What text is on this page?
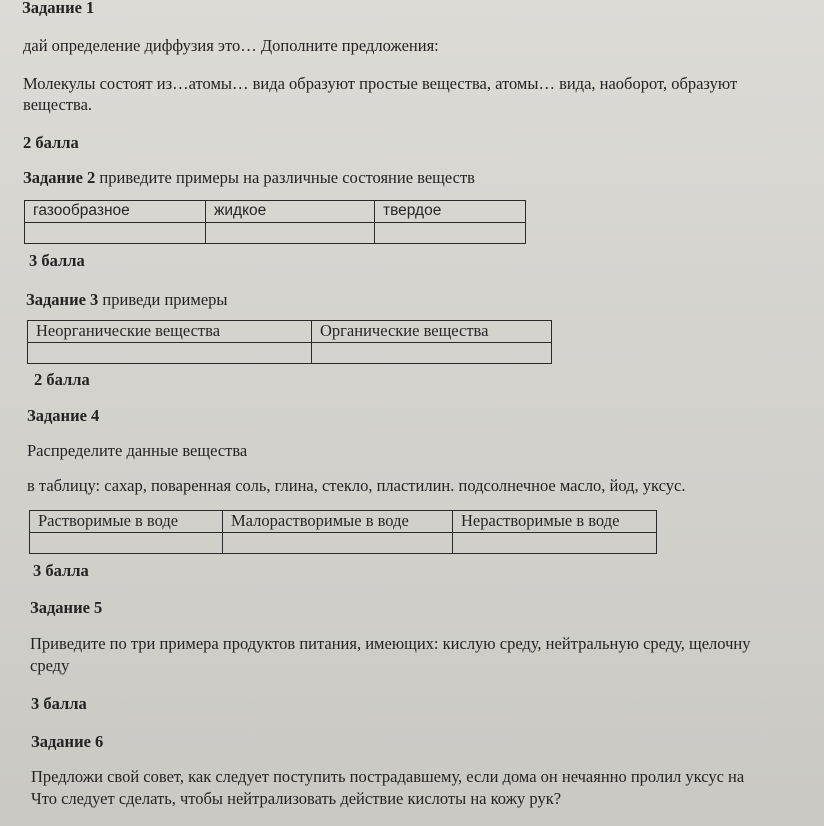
Задание 1
дай определение диффузия это… Дополните предложения:
Молекулы состоят из…атомы… вида образуют простые вещества, атомы… вида, наоборот, образуют
вещества.
2 балла
Задание 2 приведите примеры на различные состояние веществ
газообразное	жидкое	твердое

3 балла
Задание 3 приведи примеры
Неорганические вещества	Органические вещества

2 балла
Задание 4
Распределите данные вещества
в таблицу: сахар, поваренная соль, глина, стекло, пластилин. подсолнечное масло, йод, уксус.
Растворимые в воде	Малорастворимые в воде	Нерастворимые в воде

3 балла
Задание 5
Приведите по три примера продуктов питания, имеющих: кислую среду, нейтральную среду, щелочну
среду
3 балла
Задание 6
Предложи свой совет, как следует поступить пострадавшему, если дома он нечаянно пролил уксус на
Что следует сделать, чтобы нейтрализовать действие кислоты на кожу рук?
